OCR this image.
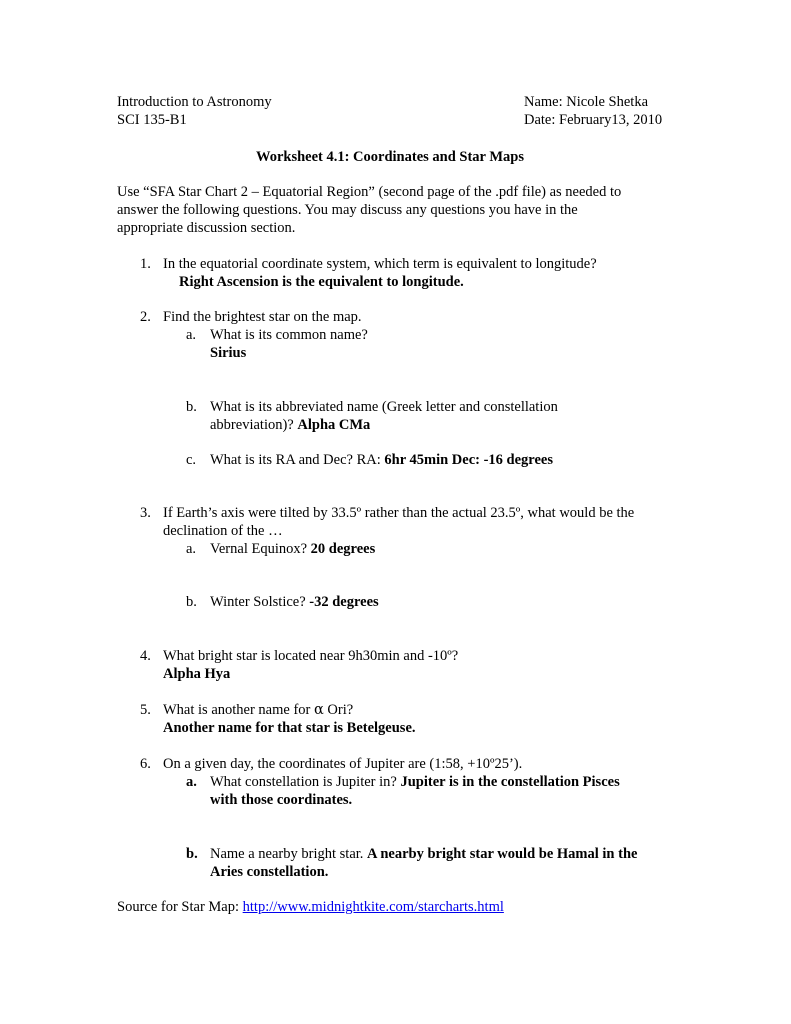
Introduction to Astronomy
SCI 135-B1
Name: Nicole Shetka
Date: February13, 2010
Worksheet 4.1: Coordinates and Star Maps
Use “SFA Star Chart 2 – Equatorial Region” (second page of the .pdf file) as needed to
answer the following questions. You may discuss any questions you have in the
appropriate discussion section.
1. In the equatorial coordinate system, which term is equivalent to longitude?
Right Ascension is the equivalent to longitude.
2. Find the brightest star on the map.
a. What is its common name?
Sirius
b. What is its abbreviated name (Greek letter and constellation
abbreviation)? Alpha CMa
c. What is its RA and Dec? RA: 6hr 45min Dec: -16 degrees
3. If Earth’s axis were tilted by 33.5º rather than the actual 23.5º, what would be the
declination of the …
a. Vernal Equinox? 20 degrees
b. Winter Solstice? -32 degrees
4. What bright star is located near 9h30min and -10º?
Alpha Hya
5. What is another name for α Ori?
Another name for that star is Betelgeuse.
6. On a given day, the coordinates of Jupiter are (1:58, +10º25’).
a. What constellation is Jupiter in? Jupiter is in the constellation Pisces
with those coordinates.
b. Name a nearby bright star. A nearby bright star would be Hamal in the
Aries constellation.
Source for Star Map: http://www.midnightkite.com/starcharts.html
